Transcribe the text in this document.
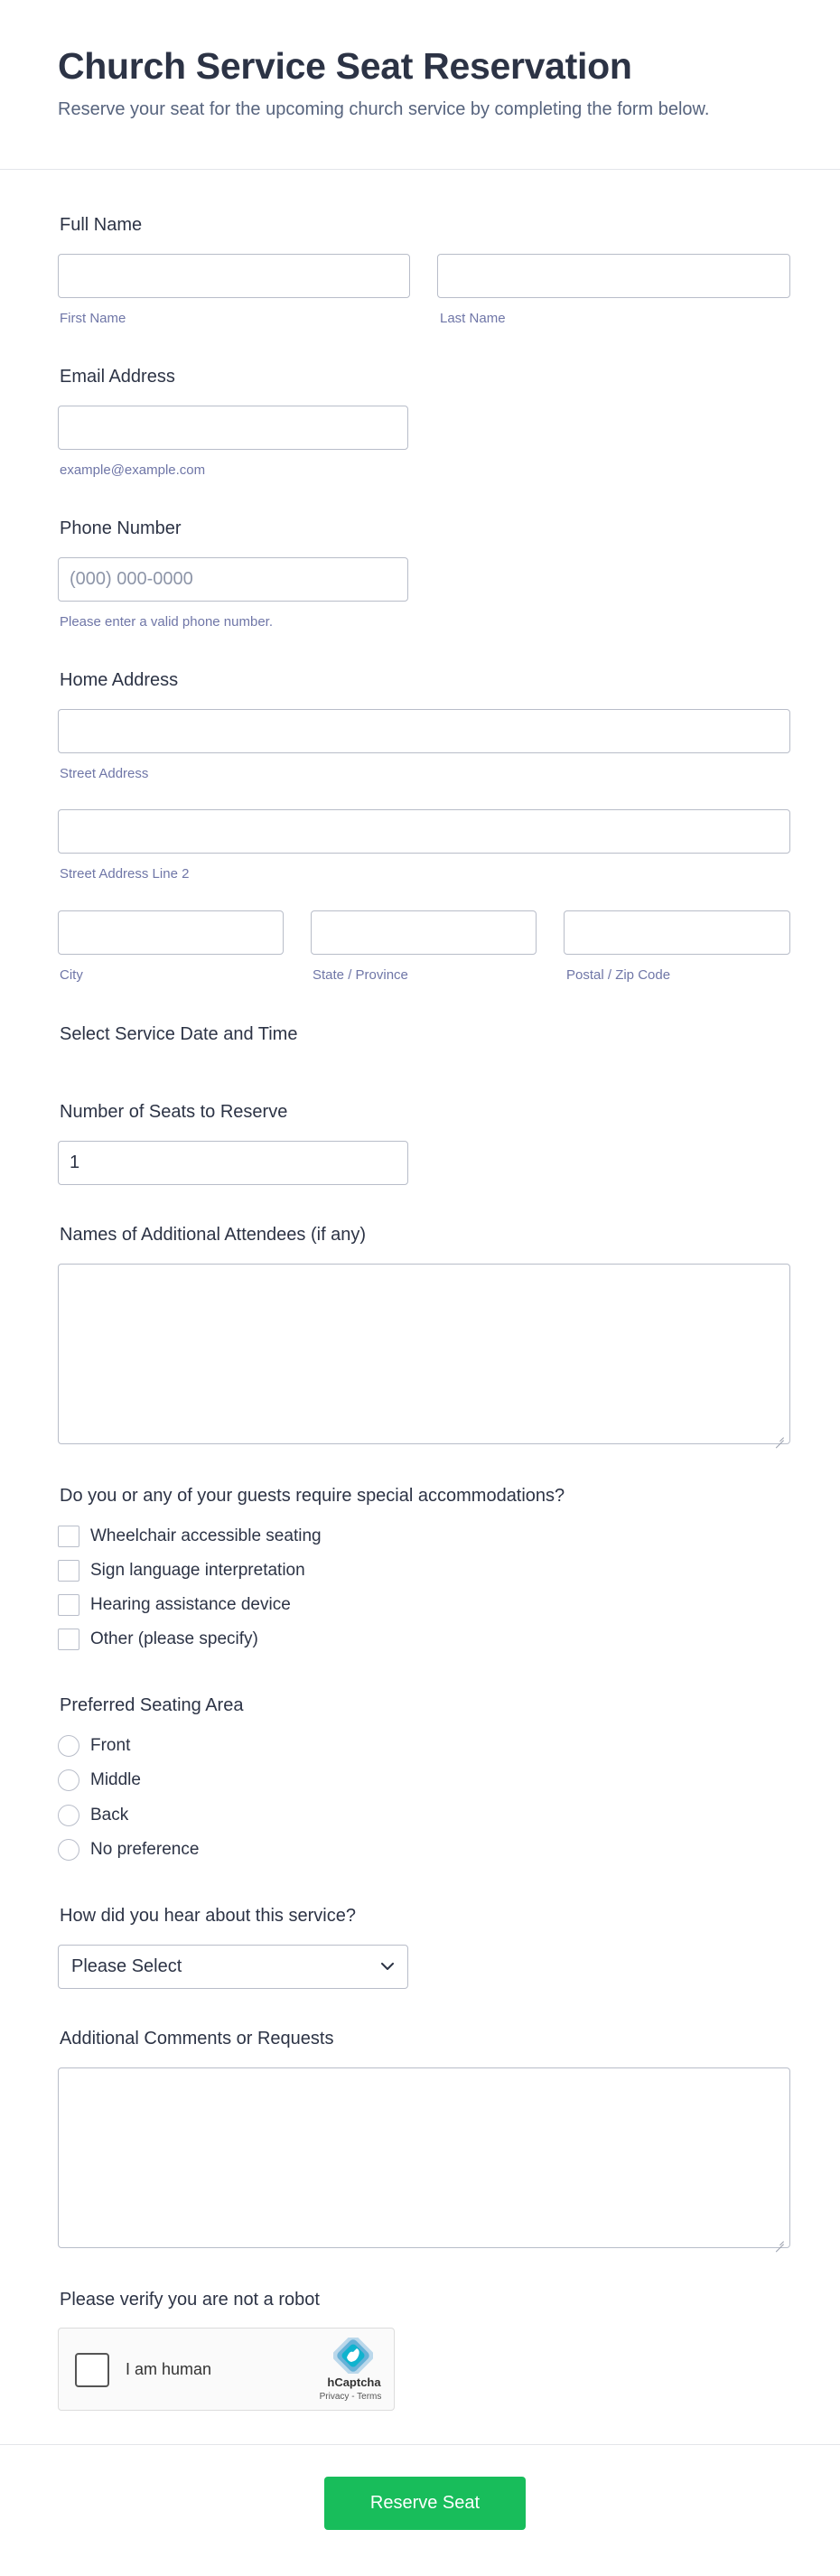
Church Service Seat Reservation

Reserve your seat for the upcoming church service by completing the form below.

Full Name
First Name	Last Name
Email Address
example@example.com
Phone Number
(000) 000-0000
Please enter a valid phone number.
Home Address
Street Address
Street Address Line 2
City	State / Province	Postal / Zip Code
Select Service Date and Time
Number of Seats to Reserve
1
Names of Additional Attendees (if any)
Do you or any of your guests require special accommodations?
Wheelchair accessible seating
Sign language interpretation
Hearing assistance device
Other (please specify)
Preferred Seating Area
Front
Middle
Back
No preference
How did you hear about this service?
Please Select
Additional Comments or Requests
Please verify you are not a robot
I am human
hCaptcha
Privacy - Terms
Reserve Seat
